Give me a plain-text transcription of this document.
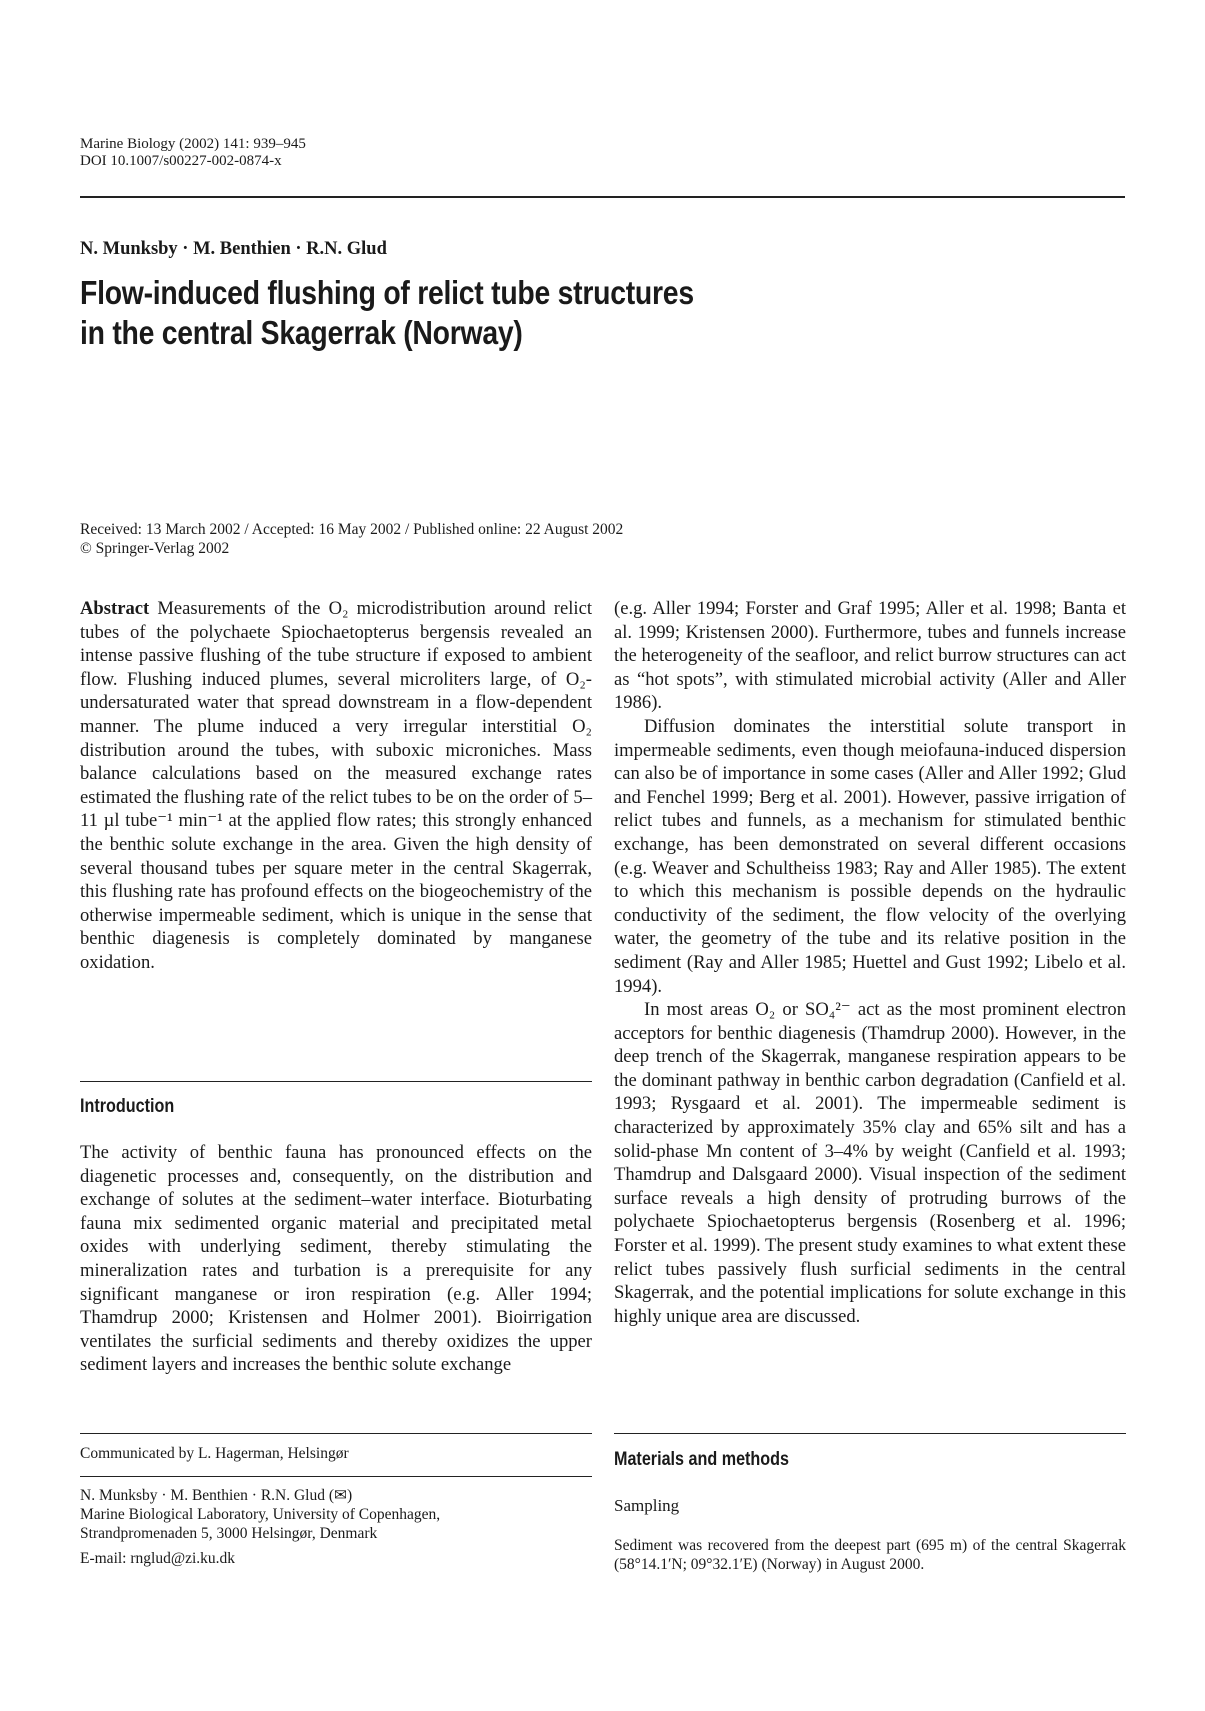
Marine Biology (2002) 141: 939–945
DOI 10.1007/s00227-002-0874-x
N. Munksby · M. Benthien · R.N. Glud
Flow-induced flushing of relict tube structures
in the central Skagerrak (Norway)
Received: 13 March 2002 / Accepted: 16 May 2002 / Published online: 22 August 2002
© Springer-Verlag 2002

Abstract Measurements of the O₂ microdistribution around relict tubes of the polychaete Spiochaetopterus bergensis revealed an intense passive flushing of the tube structure if exposed to ambient flow. Flushing induced plumes, several microliters large, of O₂-undersaturated water that spread downstream in a flow-dependent manner. The plume induced a very irregular interstitial O₂ distribution around the tubes, with suboxic microniches. Mass balance calculations based on the measured exchange rates estimated the flushing rate of the relict tubes to be on the order of 5–11 µl tube⁻¹ min⁻¹ at the applied flow rates; this strongly enhanced the benthic solute exchange in the area. Given the high density of several thousand tubes per square meter in the central Skagerrak, this flushing rate has profound effects on the biogeochemistry of the otherwise impermeable sediment, which is unique in the sense that benthic diagenesis is completely dominated by manganese oxidation.

Introduction

The activity of benthic fauna has pronounced effects on the diagenetic processes and, consequently, on the distribution and exchange of solutes at the sediment–water interface. Bioturbating fauna mix sedimented organic material and precipitated metal oxides with underlying sediment, thereby stimulating the mineralization rates and turbation is a prerequisite for any significant manganese or iron respiration (e.g. Aller 1994; Thamdrup 2000; Kristensen and Holmer 2001). Bioirrigation ventilates the surficial sediments and thereby oxidizes the upper sediment layers and increases the benthic solute exchange

Communicated by L. Hagerman, Helsingør
N. Munksby · M. Benthien · R.N. Glud (✉)
Marine Biological Laboratory, University of Copenhagen,
Strandpromenaden 5, 3000 Helsingør, Denmark
E-mail: rnglud@zi.ku.dk

(e.g. Aller 1994; Forster and Graf 1995; Aller et al. 1998; Banta et al. 1999; Kristensen 2000). Furthermore, tubes and funnels increase the heterogeneity of the seafloor, and relict burrow structures can act as “hot spots”, with stimulated microbial activity (Aller and Aller 1986).

Diffusion dominates the interstitial solute transport in impermeable sediments, even though meiofauna-induced dispersion can also be of importance in some cases (Aller and Aller 1992; Glud and Fenchel 1999; Berg et al. 2001). However, passive irrigation of relict tubes and funnels, as a mechanism for stimulated benthic exchange, has been demonstrated on several different occasions (e.g. Weaver and Schultheiss 1983; Ray and Aller 1985). The extent to which this mechanism is possible depends on the hydraulic conductivity of the sediment, the flow velocity of the overlying water, the geometry of the tube and its relative position in the sediment (Ray and Aller 1985; Huettel and Gust 1992; Libelo et al. 1994).

In most areas O₂ or SO₄²⁻ act as the most prominent electron acceptors for benthic diagenesis (Thamdrup 2000). However, in the deep trench of the Skagerrak, manganese respiration appears to be the dominant pathway in benthic carbon degradation (Canfield et al. 1993; Rysgaard et al. 2001). The impermeable sediment is characterized by approximately 35% clay and 65% silt and has a solid-phase Mn content of 3–4% by weight (Canfield et al. 1993; Thamdrup and Dalsgaard 2000). Visual inspection of the sediment surface reveals a high density of protruding burrows of the polychaete Spiochaetopterus bergensis (Rosenberg et al. 1996; Forster et al. 1999). The present study examines to what extent these relict tubes passively flush surficial sediments in the central Skagerrak, and the potential implications for solute exchange in this highly unique area are discussed.

Materials and methods
Sampling
Sediment was recovered from the deepest part (695 m) of the central Skagerrak (58°14.1′N; 09°32.1′E) (Norway) in August 2000.
